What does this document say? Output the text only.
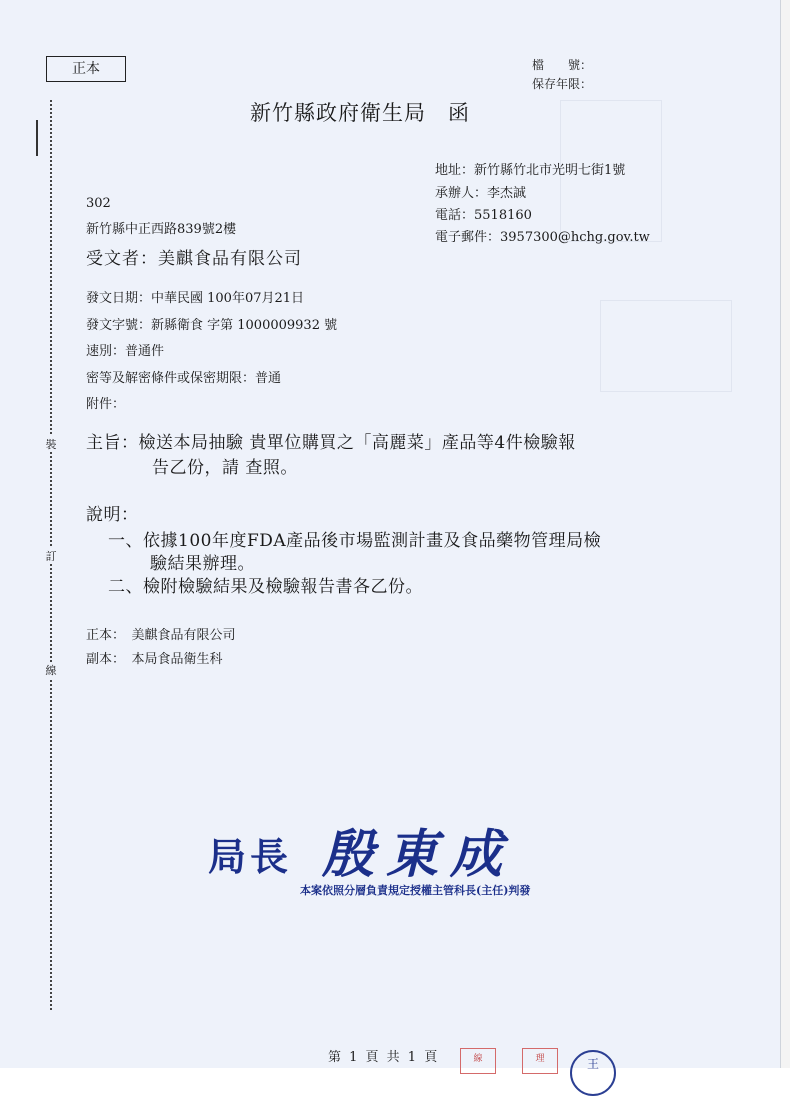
正本	檔　　號：
保存年限：
新竹縣政府衛生局　函
地址：新竹縣竹北市光明七街1號
承辦人：李杰誠
電話：5518160
電子郵件：3957300@hchg.gov.tw
302
新竹縣中正西路839號2樓
受文者：美麒食品有限公司
發文日期：中華民國 100年07月21日
發文字號：新縣衛食 字第 1000009932 號
速別：普通件
密等及解密條件或保密期限：普通
附件：
主旨：檢送本局抽驗 貴單位購買之「高麗菜」產品等4件檢驗報
告乙份，請 查照。
說明：
一、依據100年度FDA產品後市場監測計畫及食品藥物管理局檢
驗結果辦理。
二、檢附檢驗結果及檢驗報告書各乙份。
正本：　美麒食品有限公司
副本：　本局食品衛生科
裝
訂
線
局長 殷東成
本案依照分層負責規定授權主管科長(主任)判發
第 1 頁 共 1 頁	線	理	王
